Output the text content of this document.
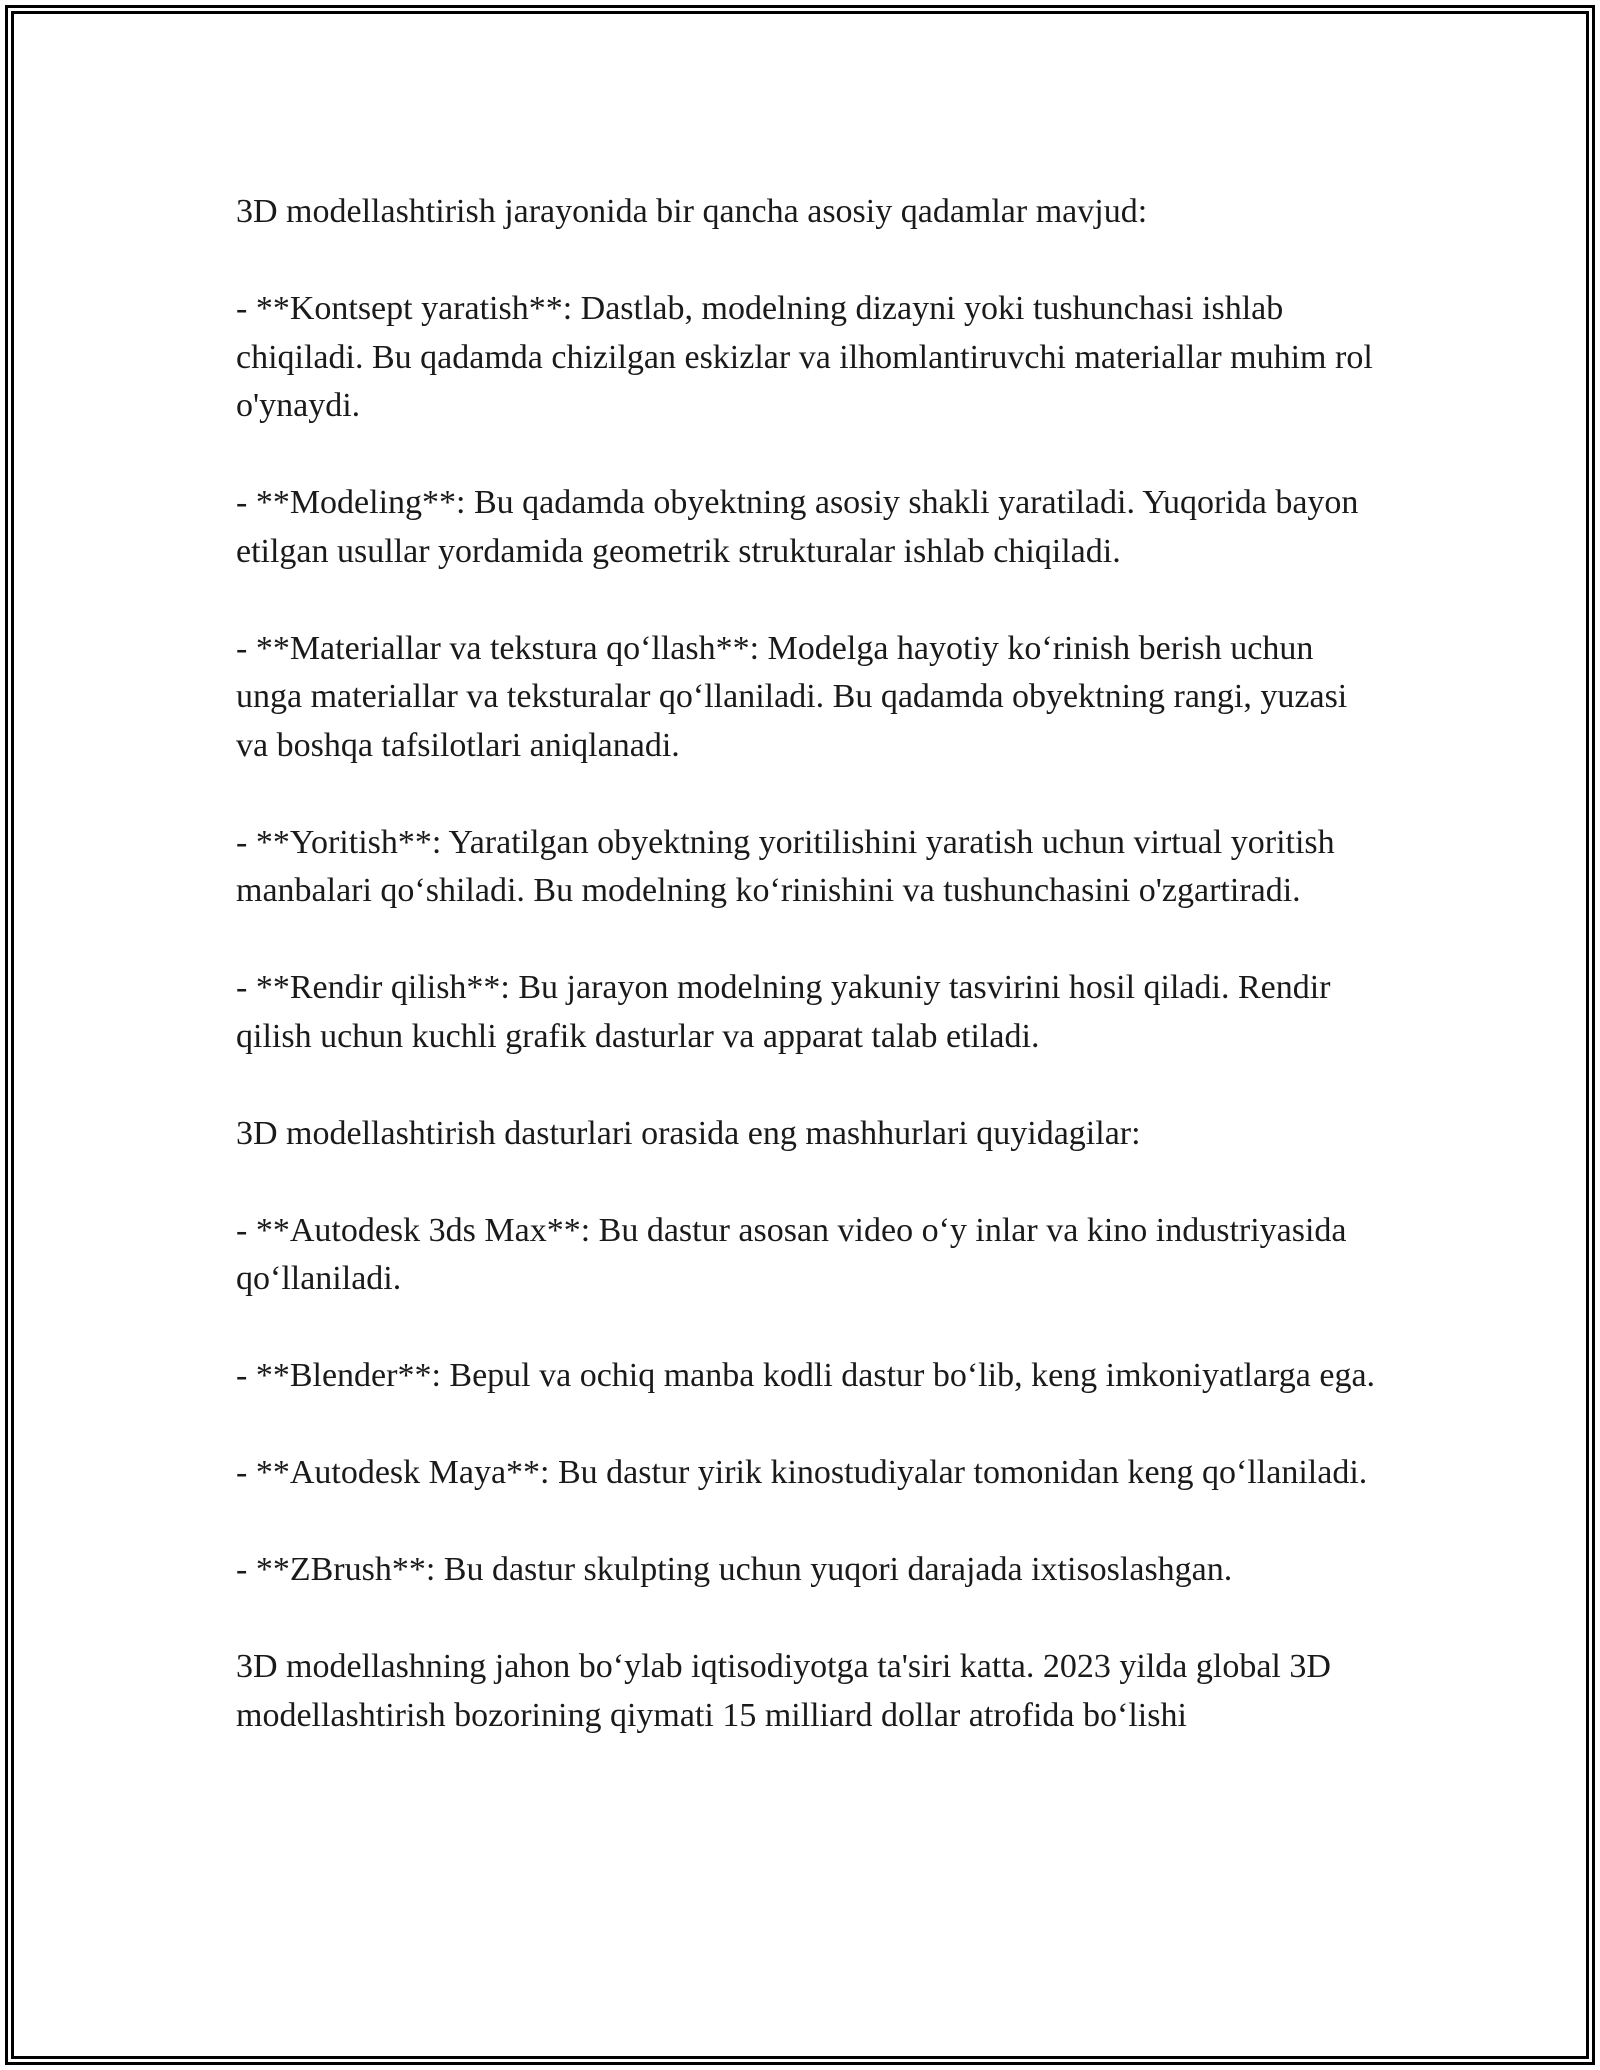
3D modellashtirish jarayonida bir qancha asosiy qadamlar mavjud:

- **Kontsept yaratish**: Dastlab, modelning dizayni yoki tushunchasi ishlab chiqiladi. Bu qadamda chizilgan eskizlar va ilhomlantiruvchi materiallar muhim rol o'ynaydi.

- **Modeling**: Bu qadamda obyektning asosiy shakli yaratiladi. Yuqorida bayon etilgan usullar yordamida geometrik strukturalar ishlab chiqiladi.

- **Materiallar va tekstura qo‘llash**: Modelga hayotiy ko‘rinish berish uchun unga materiallar va teksturalar qo‘llaniladi. Bu qadamda obyektning rangi, yuzasi va boshqa tafsilotlari aniqlanadi.

- **Yoritish**: Yaratilgan obyektning yoritilishini yaratish uchun virtual yoritish manbalari qo‘shiladi. Bu modelning ko‘rinishini va tushunchasini o'zgartiradi.

- **Rendir qilish**: Bu jarayon modelning yakuniy tasvirini hosil qiladi. Rendir qilish uchun kuchli grafik dasturlar va apparat talab etiladi.

3D modellashtirish dasturlari orasida eng mashhurlari quyidagilar:

- **Autodesk 3ds Max**: Bu dastur asosan video o‘y inlar va kino industriyasida qo‘llaniladi.

- **Blender**: Bepul va ochiq manba kodli dastur bo‘lib, keng imkoniyatlarga ega.

- **Autodesk Maya**: Bu dastur yirik kinostudiyalar tomonidan keng qo‘llaniladi.

- **ZBrush**: Bu dastur skulpting uchun yuqori darajada ixtisoslashgan.

3D modellashning jahon bo‘ylab iqtisodiyotga ta'siri katta. 2023 yilda global 3D modellashtirish bozorining qiymati 15 milliard dollar atrofida bo‘lishi
